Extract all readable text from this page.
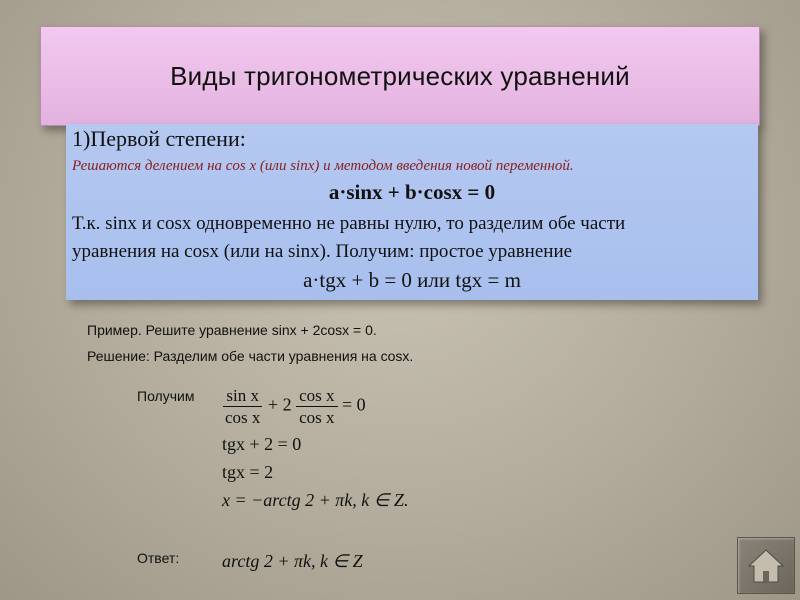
Виды тригонометрических уравнений
1)Первой степени:
Решаются делением на cos x (или sinx) и методом введения новой переменной.
a·sinx + b·cosx = 0
Т.к. sinx и cosx одновременно не равны нулю, то разделим обе части
уравнения на cosx (или на sinx). Получим: простое уравнение
a·tgx + b = 0 или tgx = m
Пример. Решите уравнение sinx + 2cosx = 0.
Решение: Разделим обе части уравнения на cosx.
Получим $\frac{\text{sin x}}{\text{cos x}} + 2 \frac{\text{cos x}}{\text{cos x}} = 0$
tgx + 2 = 0
tgx = 2
x = −arctg 2 + πk, k ∈ Z.
Ответ: arctg 2 + πk, k ∈ Z
